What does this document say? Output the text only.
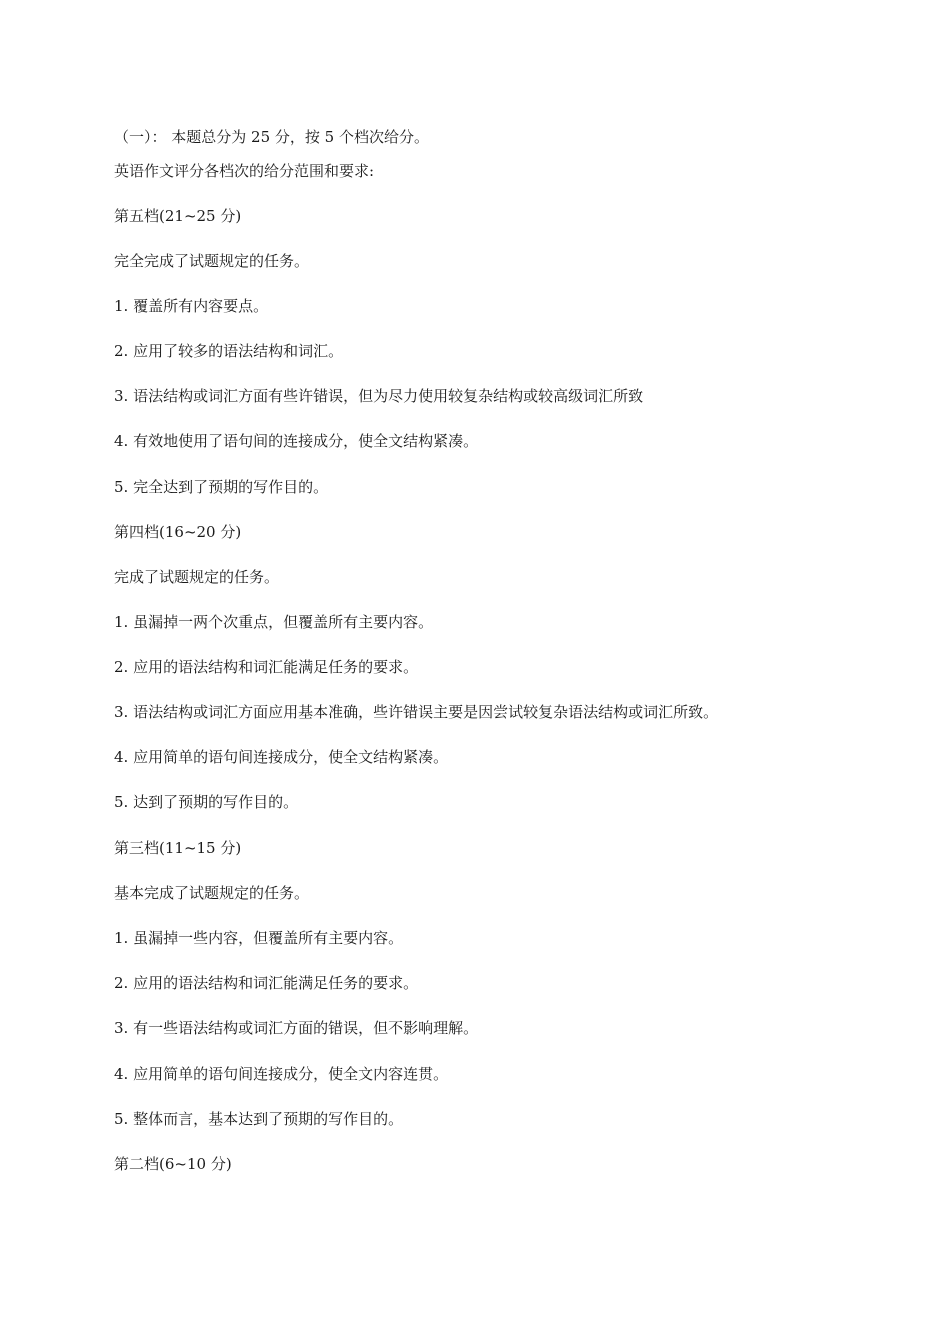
（一）： 本题总分为 25 分，按 5 个档次给分。
英语作文评分各档次的给分范围和要求:
第五档(21~25 分)
完全完成了试题规定的任务。
1. 覆盖所有内容要点。
2. 应用了较多的语法结构和词汇。
3. 语法结构或词汇方面有些许错误，但为尽力使用较复杂结构或较高级词汇所致
4. 有效地使用了语句间的连接成分，使全文结构紧凑。
5. 完全达到了预期的写作目的。
第四档(16~20 分)
完成了试题规定的任务。
1. 虽漏掉一两个次重点，但覆盖所有主要内容。
2. 应用的语法结构和词汇能满足任务的要求。
3. 语法结构或词汇方面应用基本准确，些许错误主要是因尝试较复杂语法结构或词汇所致。
4. 应用简单的语句间连接成分，使全文结构紧凑。
5. 达到了预期的写作目的。
第三档(11~15 分)
基本完成了试题规定的任务。
1. 虽漏掉一些内容，但覆盖所有主要内容。
2. 应用的语法结构和词汇能满足任务的要求。
3. 有一些语法结构或词汇方面的错误，但不影响理解。
4. 应用简单的语句间连接成分，使全文内容连贯。
5. 整体而言，基本达到了预期的写作目的。
第二档(6~10 分)
